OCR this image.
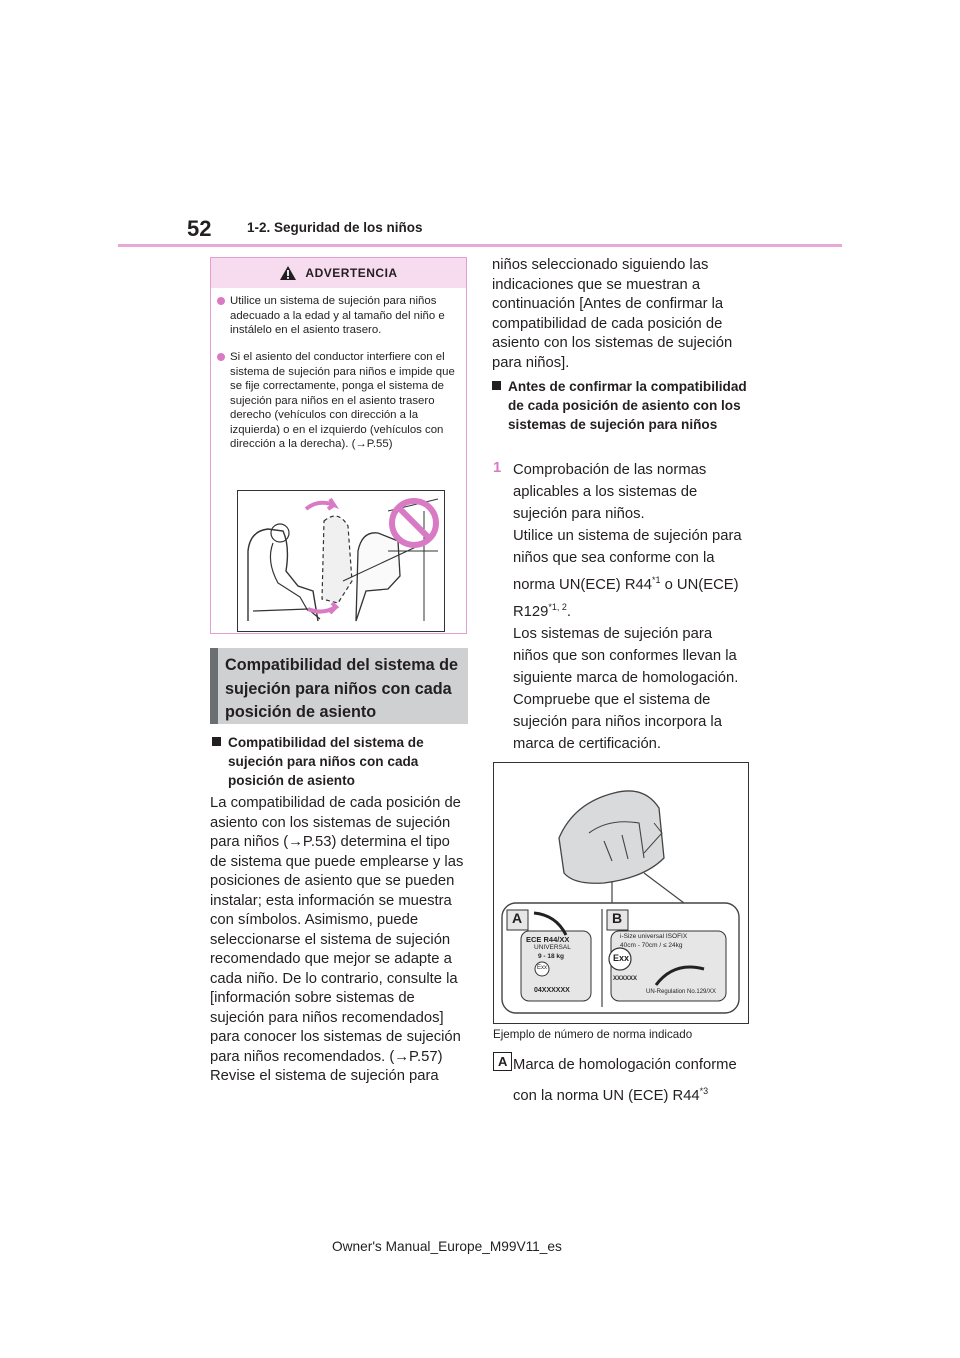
52	1-2. Seguridad de los niños
ADVERTENCIA
Utilice un sistema de sujeción para niños adecuado a la edad y al tamaño del niño e instálelo en el asiento trasero.
Si el asiento del conductor interfiere con el sistema de sujeción para niños e impide que se fije correctamente, ponga el sistema de sujeción para niños en el asiento trasero derecho (vehículos con dirección a la izquierda) o en el izquierdo (vehículos con dirección a la derecha). (→P.55)
Compatibilidad del sistema de sujeción para niños con cada posición de asiento
Compatibilidad del sistema de sujeción para niños con cada posición de asiento
La compatibilidad de cada posición de asiento con los sistemas de sujeción para niños (→P.53) determina el tipo de sistema que puede emplearse y las posiciones de asiento que se pueden instalar; esta información se muestra con símbolos. Asimismo, puede seleccionarse el sistema de sujeción recomendado que mejor se adapte a cada niño. De lo contrario, consulte la [información sobre sistemas de sujeción para niños recomendados] para conocer los sistemas de sujeción para niños recomendados. (→P.57) Revise el sistema de sujeción para
niños seleccionado siguiendo las indicaciones que se muestran a continuación [Antes de confirmar la compatibilidad de cada posición de asiento con los sistemas de sujeción para niños].
Antes de confirmar la compatibilidad de cada posición de asiento con los sistemas de sujeción para niños
1 Comprobación de las normas aplicables a los sistemas de sujeción para niños.
Utilice un sistema de sujeción para niños que sea conforme con la norma UN(ECE) R44$^{*1}$ o UN(ECE) R129$^{*1, 2}$.
Los sistemas de sujeción para niños que son conformes llevan la siguiente marca de homologación. Compruebe que el sistema de sujeción para niños incorpora la marca de certificación.
A	B
ECE R44/XX
UNIVERSAL
9 - 18 kg
Exx
04XXXXXX
i-Size universal ISOFIX
40cm - 70cm / ≤ 24kg
Exx
XXXXXX
UN-Regulation No.129/XX
Ejemplo de número de norma indicado
A Marca de homologación conforme con la norma UN (ECE) R44$^{*3}$
Owner's Manual_Europe_M99V11_es
